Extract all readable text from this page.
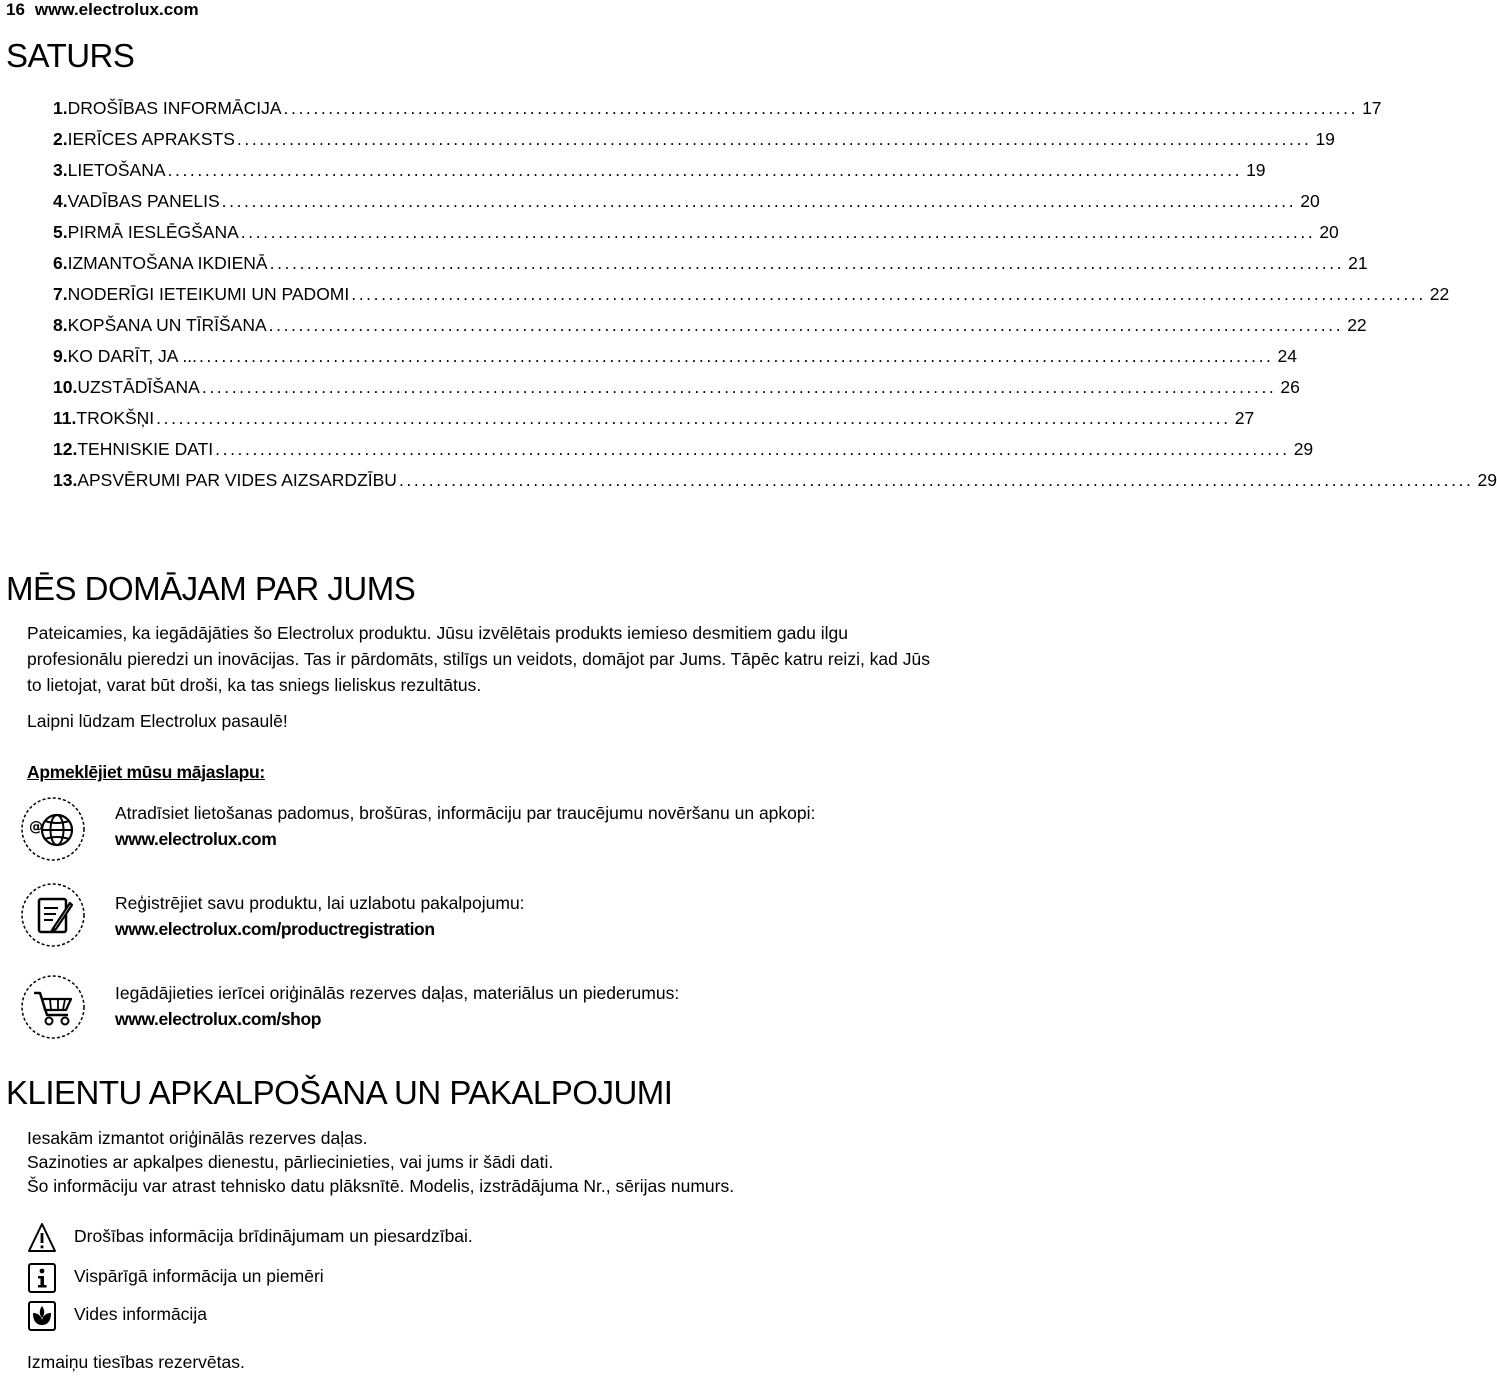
16 www.electrolux.com
SATURS
1. DROŠĪBAS INFORMĀCIJA ................................................................................................................................................ 17
2. IERĪCES APRAKSTS ................................................................................................................................................ 19
3. LIETOŠANA ................................................................................................................................................ 19
4. VADĪBAS PANELIS ................................................................................................................................................ 20
5. PIRMĀ IESLĒGŠANA ................................................................................................................................................ 20
6. IZMANTOŠANA IKDIENĀ ................................................................................................................................................ 21
7. NODERĪGI IETEIKUMI UN PADOMI ................................................................................................................................................ 22
8. KOPŠANA UN TĪRĪŠANA ................................................................................................................................................ 22
9. KO DARĪT, JA ... ................................................................................................................................................ 24
10. UZSTĀDĪŠANA ................................................................................................................................................ 26
11. TROKŠŅI ................................................................................................................................................ 27
12. TEHNISKIE DATI ................................................................................................................................................ 29
13. APSVĒRUMI PAR VIDES AIZSARDZĪBU ................................................................................................................................................ 29
MĒS DOMĀJAM PAR JUMS

Pateicamies, ka iegādājāties šo Electrolux produktu. Jūsu izvēlētais produkts iemieso desmitiem gadu ilgu profesionālu pieredzi un inovācijas. Tas ir pārdomāts, stilīgs un veidots, domājot par Jums. Tāpēc katru reizi, kad Jūs to lietojat, varat būt droši, ka tas sniegs lieliskus rezultātus.

Laipni lūdzam Electrolux pasaulē!

Apmeklējiet mūsu mājaslapu:
@
Atradīsiet lietošanas padomus, brošūras, informāciju par traucējumu novēršanu un apkopi:
www.electrolux.com
Reģistrējiet savu produktu, lai uzlabotu pakalpojumu:
www.electrolux.com/productregistration
Iegādājieties ierīcei oriģinālās rezerves daļas, materiālus un piederumus:
www.electrolux.com/shop
KLIENTU APKALPOŠANA UN PAKALPOJUMI
Iesakām izmantot oriģinālās rezerves daļas.
Sazinoties ar apkalpes dienestu, pārliecinieties, vai jums ir šādi dati.
Šo informāciju var atrast tehnisko datu plāksnītē. Modelis, izstrādājuma Nr., sērijas numurs.
Drošības informācija brīdinājumam un piesardzībai.
Vispārīgā informācija un piemēri
Vides informācija
Izmaiņu tiesības rezervētas.
